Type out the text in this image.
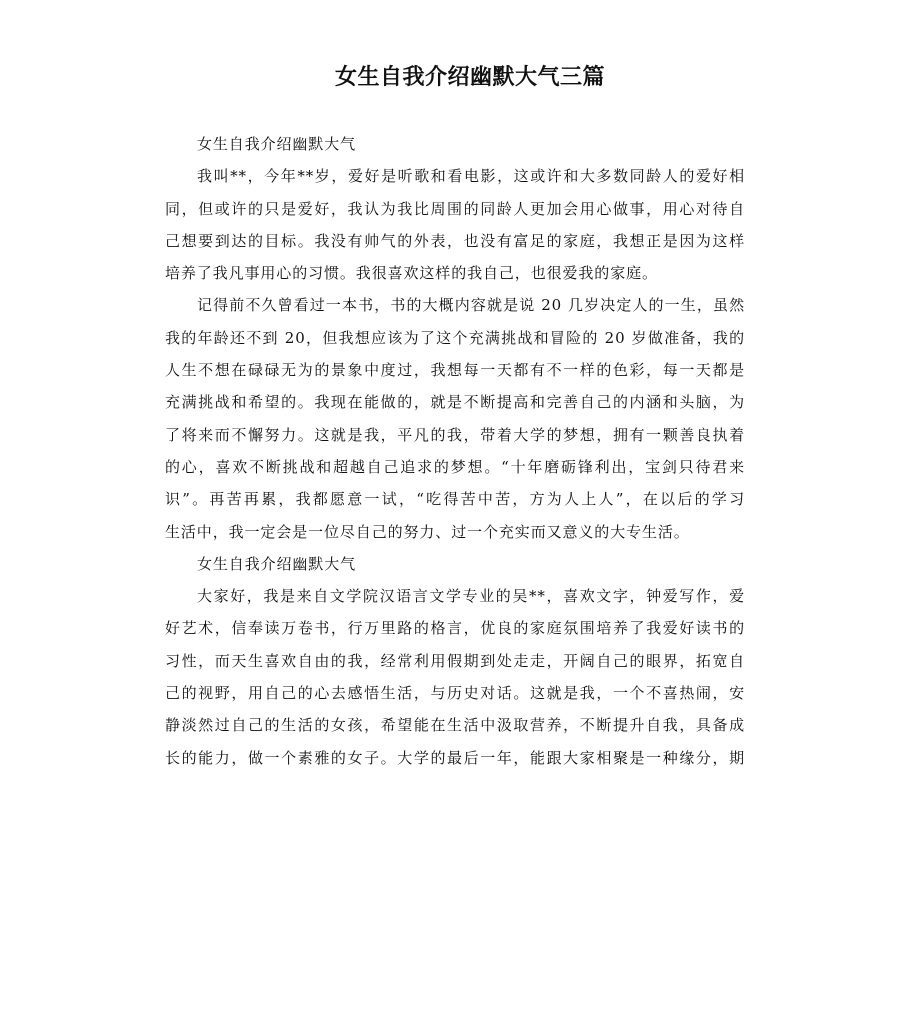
女生自我介绍幽默大气三篇
女生自我介绍幽默大气
我叫**，今年**岁，爱好是听歌和看电影，这或许和大多数同龄人的爱好相
同，但或许的只是爱好，我认为我比周围的同龄人更加会用心做事，用心对待自
己想要到达的目标。我没有帅气的外表，也没有富足的家庭，我想正是因为这样
培养了我凡事用心的习惯。我很喜欢这样的我自己，也很爱我的家庭。
记得前不久曾看过一本书，书的大概内容就是说 20 几岁决定人的一生，虽然
我的年龄还不到 20，但我想应该为了这个充满挑战和冒险的 20 岁做准备，我的
人生不想在碌碌无为的景象中度过，我想每一天都有不一样的色彩，每一天都是
充满挑战和希望的。我现在能做的，就是不断提高和完善自己的内涵和头脑，为
了将来而不懈努力。这就是我，平凡的我，带着大学的梦想，拥有一颗善良执着
的心，喜欢不断挑战和超越自己追求的梦想。“十年磨砺锋利出，宝剑只待君来
识”。再苦再累，我都愿意一试，“吃得苦中苦，方为人上人”，在以后的学习
生活中，我一定会是一位尽自己的努力、过一个充实而又意义的大专生活。
女生自我介绍幽默大气
大家好，我是来自文学院汉语言文学专业的吴**，喜欢文字，钟爱写作，爱
好艺术，信奉读万卷书，行万里路的格言，优良的家庭氛围培养了我爱好读书的
习性，而天生喜欢自由的我，经常利用假期到处走走，开阔自己的眼界，拓宽自
己的视野，用自己的心去感悟生活，与历史对话。这就是我，一个不喜热闹，安
静淡然过自己的生活的女孩，希望能在生活中汲取营养，不断提升自我，具备成
长的能力，做一个素雅的女子。大学的最后一年，能跟大家相聚是一种缘分，期
